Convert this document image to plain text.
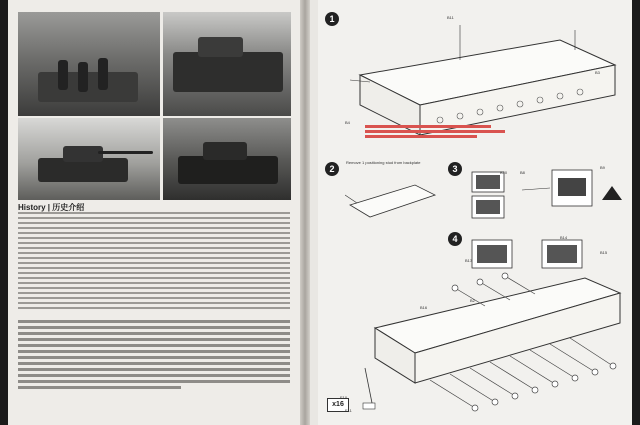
History | 历史介绍
1
2
Remove 1 positioning stud from backplate
3
4
x16
B11
B3
B4
B8
B9
B10
B13
B14
B15
B16
B2
E11
E10
